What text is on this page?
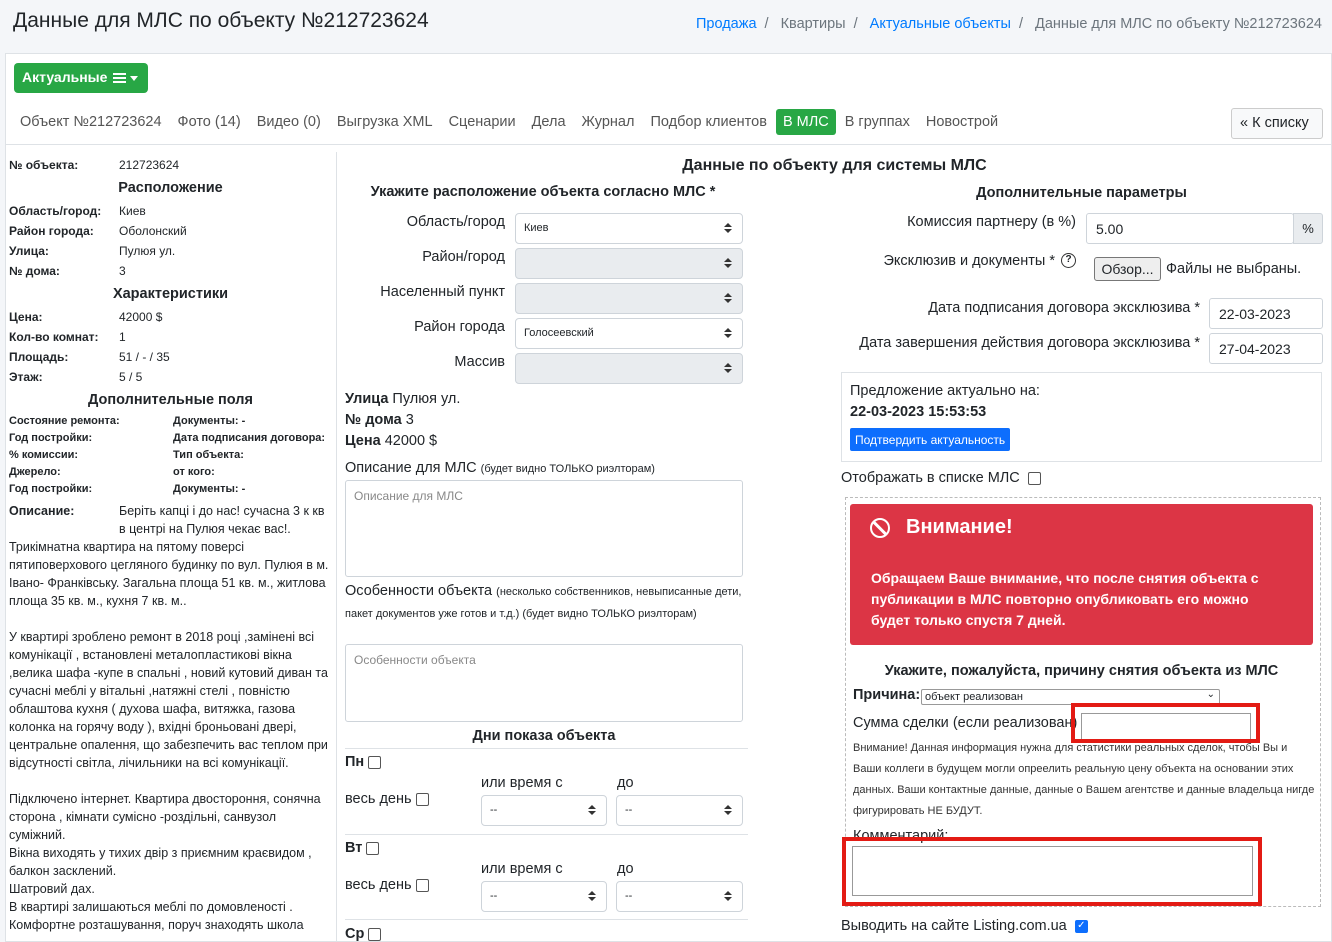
Данные для МЛС по объекту №212723624	Продажа / Квартиры / Актуальные объекты / Данные для МЛС по объекту №212723624
Актуальные
Объект №212723624 Фото (14) Видео (0) Выгрузка XML Сценарии Дела Журнал Подбор клиентов В МЛС В группах Новострой	« К списку
№ объекта:	212723624
Расположение
Область/город:	Киев
Район города:	Оболонский
Улица:	Пулюя ул.
№ дома:	3
Характеристики
Цена:	42000 $
Кол-во комнат:	1
Площадь:	51 / - / 35
Этаж:	5 / 5
Дополнительные поля
Состояние ремонта:	Документы: -
Год постройки:	Дата подписания договора:
% комиссии:	Тип объекта:
Джерело:	от кого:
Год постройки:	Документы: -
Описание:	Беріть капці і до нас! сучасна 3 к кв в центрі на Пулюя чекає вас!.
Трикімнатна квартира на пятому поверсі пятиповерхового цегляного будинку по вул. Пулюя в м. Івано- Франківську. Загальна площа 51 кв. м., житлова площа 35 кв. м., кухня 7 кв. м..
У квартирі зроблено ремонт в 2018 році ,замінені всі комунікації , встановлені металопластикові вікна ,велика шафа -купе в спальні , новий кутовий диван та сучасні меблі у вітальні ,натяжні стелі , повністю облаштова кухня ( духова шафа, витяжка, газова колонка на горячу воду ), вхідні броньовані двері, центральне опалення, що забезпечить вас теплом при відсутності світла, лічильники на всі комунікації.
Підключено інтернет. Квартира двостороння, сонячна сторона , кімнати сумісно -роздільні, санвузол суміжний.
Вікна виходять у тихих двір з приємним краєвидом , балкон засклений.
Шатровий дах.
В квартирі залишаються меблі по домовленості .
Комфортне розташування, поруч знаходять школа
Данные по объекту для системы МЛС
Укажите расположение объекта согласно МЛС *
Область/город	Киев
Район/город
Населенный пункт
Район города	Голосеевский
Массив
Улица Пулюя ул.
№ дома 3
Цена 42000 $
Описание для МЛС (будет видно ТОЛЬКО риэлторам)
Описание для МЛС
Особенности объекта (несколько собственников, невыписанные дети, пакет документов уже готов и т.д.) (будет видно ТОЛЬКО риэлторам)
Особенности объекта
Дни показа объекта
Пн
весь день
или время с	до
--	--
Вт
весь день
или время с	до
--	--
Ср
Дополнительные параметры
Комиссия партнеру (в %)	5.00	%
Эксклюзив и документы *	?
Обзор... Файлы не выбраны.
Дата подписания договора эксклюзива *	22-03-2023
Дата завершения действия договора эксклюзива *	27-04-2023
Предложение актуально на:
22-03-2023 15:53:53
Подтвердить актуальность
Отображать в списке МЛС
Внимание!
Обращаем Ваше внимание, что после снятия объекта с публикации в МЛС повторно опубликовать его можно будет только спустя 7 дней.
Укажите, пожалуйста, причину снятия объекта из МЛС
Причина: объект реализован	⌄
Сумма сделки (если реализован)
Внимание! Данная информация нужна для статистики реальных сделок, чтобы Вы и Ваши коллеги в будущем могли опреелить реальную цену объекта на основании этих данных. Ваши контактные данные, данные о Вашем агентстве и данные владельца нигде фигурировать НЕ БУДУТ.
Комментарий:
Выводить на сайте Listing.com.ua ✓
